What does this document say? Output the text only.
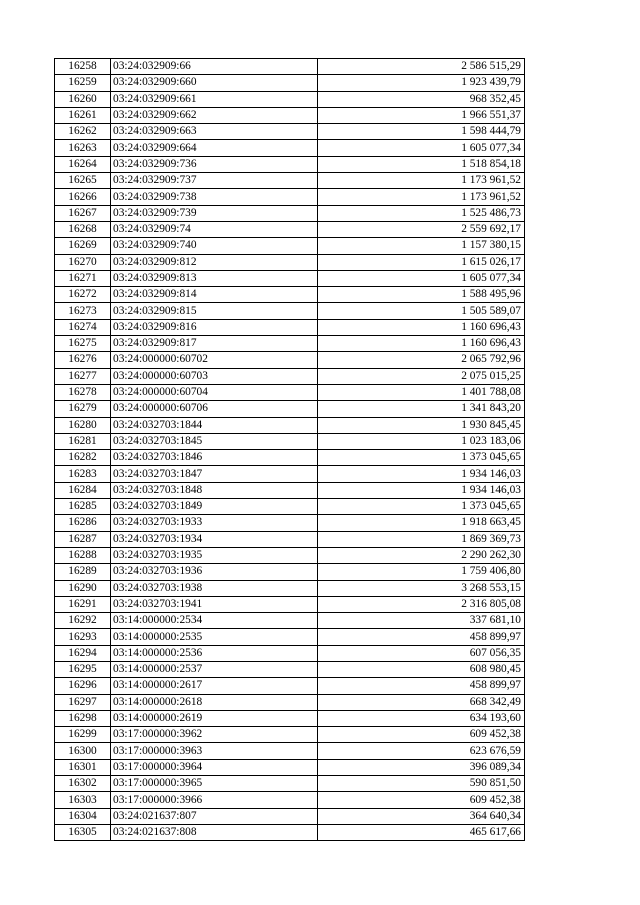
16258	03:24:032909:66	2 586 515,29
16259	03:24:032909:660	1 923 439,79
16260	03:24:032909:661	968 352,45
16261	03:24:032909:662	1 966 551,37
16262	03:24:032909:663	1 598 444,79
16263	03:24:032909:664	1 605 077,34
16264	03:24:032909:736	1 518 854,18
16265	03:24:032909:737	1 173 961,52
16266	03:24:032909:738	1 173 961,52
16267	03:24:032909:739	1 525 486,73
16268	03:24:032909:74	2 559 692,17
16269	03:24:032909:740	1 157 380,15
16270	03:24:032909:812	1 615 026,17
16271	03:24:032909:813	1 605 077,34
16272	03:24:032909:814	1 588 495,96
16273	03:24:032909:815	1 505 589,07
16274	03:24:032909:816	1 160 696,43
16275	03:24:032909:817	1 160 696,43
16276	03:24:000000:60702	2 065 792,96
16277	03:24:000000:60703	2 075 015,25
16278	03:24:000000:60704	1 401 788,08
16279	03:24:000000:60706	1 341 843,20
16280	03:24:032703:1844	1 930 845,45
16281	03:24:032703:1845	1 023 183,06
16282	03:24:032703:1846	1 373 045,65
16283	03:24:032703:1847	1 934 146,03
16284	03:24:032703:1848	1 934 146,03
16285	03:24:032703:1849	1 373 045,65
16286	03:24:032703:1933	1 918 663,45
16287	03:24:032703:1934	1 869 369,73
16288	03:24:032703:1935	2 290 262,30
16289	03:24:032703:1936	1 759 406,80
16290	03:24:032703:1938	3 268 553,15
16291	03:24:032703:1941	2 316 805,08
16292	03:14:000000:2534	337 681,10
16293	03:14:000000:2535	458 899,97
16294	03:14:000000:2536	607 056,35
16295	03:14:000000:2537	608 980,45
16296	03:14:000000:2617	458 899,97
16297	03:14:000000:2618	668 342,49
16298	03:14:000000:2619	634 193,60
16299	03:17:000000:3962	609 452,38
16300	03:17:000000:3963	623 676,59
16301	03:17:000000:3964	396 089,34
16302	03:17:000000:3965	590 851,50
16303	03:17:000000:3966	609 452,38
16304	03:24:021637:807	364 640,34
16305	03:24:021637:808	465 617,66
